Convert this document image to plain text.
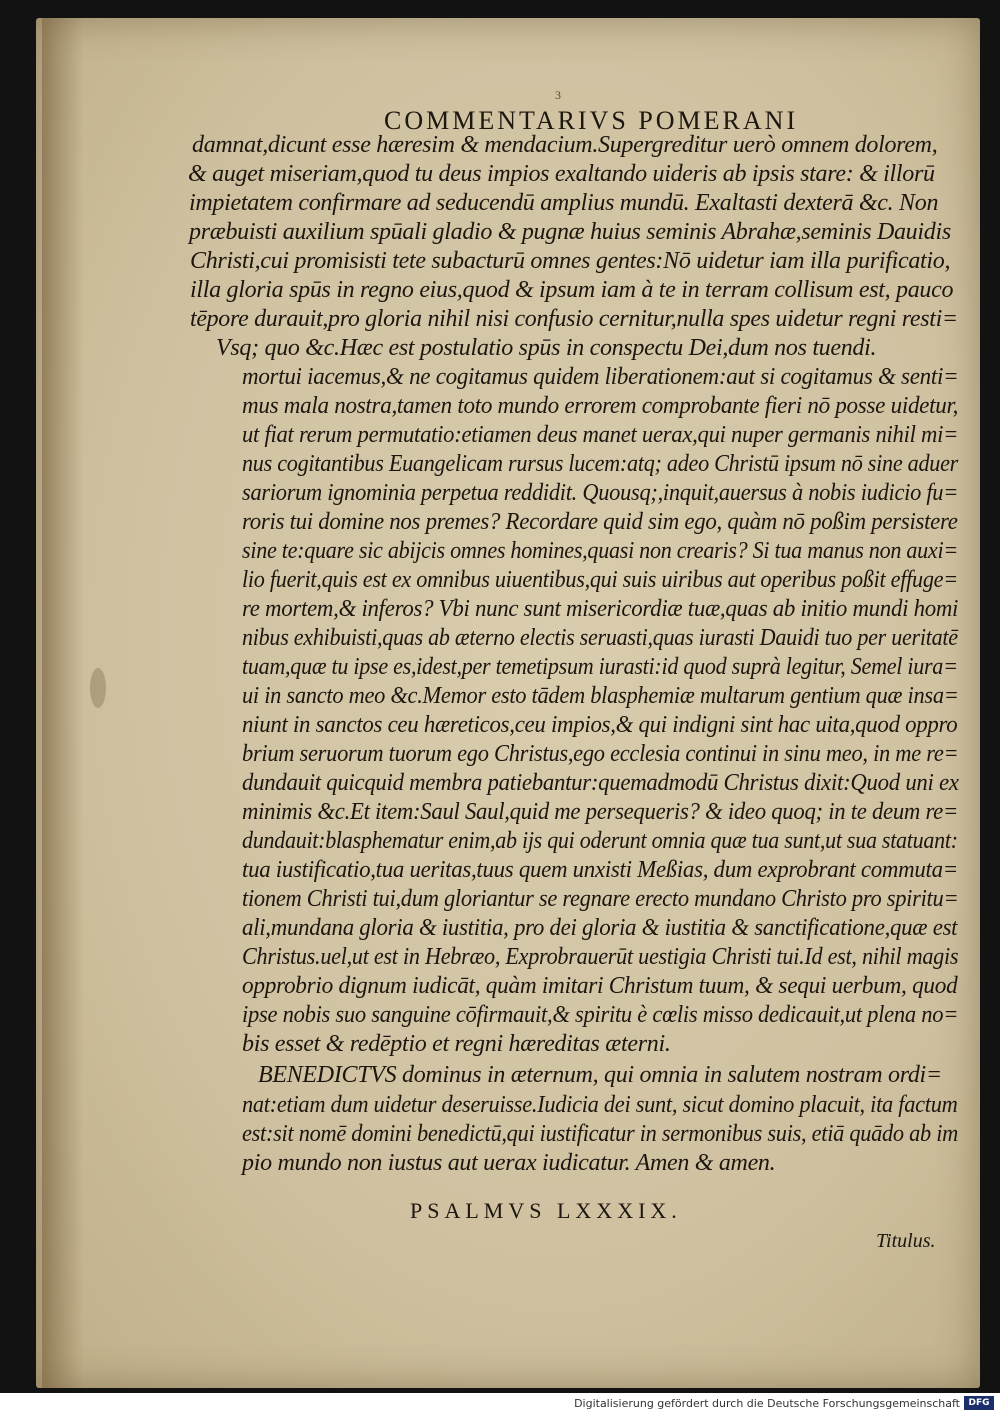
3
COMMENTARIVS POMERANI
damnat,dicunt esse hæresim & mendacium.Supergreditur uerò omnem dolorem,
& auget miseriam,quod tu deus impios exaltando uideris ab ipsis stare: & illorū
impietatem confirmare ad seducendū amplius mundū. Exaltasti dexterā &c. Non
præbuisti auxilium spūali gladio & pugnæ huius seminis Abrahæ,seminis Dauidis
Christi,cui promisisti tete subacturū omnes gentes:Nō uidetur iam illa purificatio,
illa gloria spūs in regno eius,quod & ipsum iam à te in terram collisum est, pauco
tēpore durauit,pro gloria nihil nisi confusio cernitur,nulla spes uidetur regni resti=
Vsq; quo &c.Hæc est postulatio spūs in conspectu Dei,dum nos tuendi.
mortui iacemus,& ne cogitamus quidem liberationem:aut si cogitamus & senti=
mus mala nostra,tamen toto mundo errorem comprobante fieri nō posse uidetur,
ut fiat rerum permutatio:etiamen deus manet uerax,qui nuper germanis nihil mi=
nus cogitantibus Euangelicam rursus lucem:atq; adeo Christū ipsum nō sine aduer
sariorum ignominia perpetua reddidit. Quousq;,inquit,auersus à nobis iudicio fu=
roris tui domine nos premes? Recordare quid sim ego, quàm nō poßim persistere
sine te:quare sic abijcis omnes homines,quasi non crearis? Si tua manus non auxi=
lio fuerit,quis est ex omnibus uiuentibus,qui suis uiribus aut operibus poßit effuge=
re mortem,& inferos? Vbi nunc sunt misericordiæ tuæ,quas ab initio mundi homi
nibus exhibuisti,quas ab æterno electis seruasti,quas iurasti Dauidi tuo per ueritatē
tuam,quæ tu ipse es,idest,per temetipsum iurasti:id quod suprà legitur, Semel iura=
ui in sancto meo &c.Memor esto tādem blasphemiæ multarum gentium quæ insa=
niunt in sanctos ceu hæreticos,ceu impios,& qui indigni sint hac uita,quod oppro
brium seruorum tuorum ego Christus,ego ecclesia continui in sinu meo, in me re=
dundauit quicquid membra patiebantur:quemadmodū Christus dixit:Quod uni ex
minimis &c.Et item:Saul Saul,quid me persequeris? & ideo quoq; in te deum re=
dundauit:blasphematur enim,ab ijs qui oderunt omnia quæ tua sunt,ut sua statuant:
tua iustificatio,tua ueritas,tuus quem unxisti Meßias, dum exprobrant commuta=
tionem Christi tui,dum gloriantur se regnare erecto mundano Christo pro spiritu=
ali,mundana gloria & iustitia, pro dei gloria & iustitia & sanctificatione,quæ est
Christus.uel,ut est in Hebræo, Exprobrauerūt uestigia Christi tui.Id est, nihil magis
opprobrio dignum iudicāt, quàm imitari Christum tuum, & sequi uerbum, quod
ipse nobis suo sanguine cōfirmauit,& spiritu è cœlis misso dedicauit,ut plena no=
bis esset & redēptio et regni hæreditas æterni.
BENEDICTVS dominus in æternum, qui omnia in salutem nostram ordi=
nat:etiam dum uidetur deseruisse.Iudicia dei sunt, sicut domino placuit, ita factum
est:sit nomē domini benedictū,qui iustificatur in sermonibus suis, etiā quādo ab im
pio mundo non iustus aut uerax iudicatur. Amen & amen.
PSALMVS LXXXIX.
Titulus.
Digitalisierung gefördert durch die Deutsche Forschungsgemeinschaft DFG
